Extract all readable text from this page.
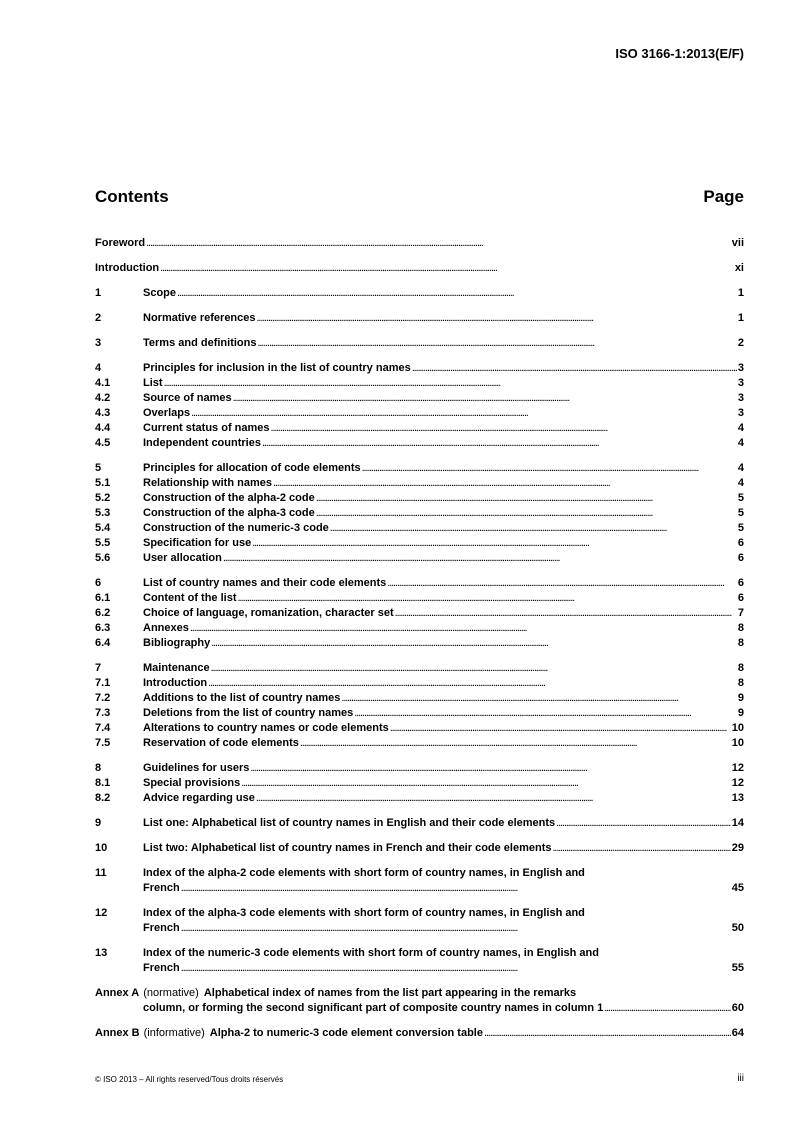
ISO 3166-1:2013(E/F)
Contents	Page
Foreword . . .	vii
Introduction . . .	xi
1	Scope . . .	1
2	Normative references . . .	1
3	Terms and definitions . . .	2
4	Principles for inclusion in the list of country names . . .	3
4.1	List . . .	3
4.2	Source of names . . .	3
4.3	Overlaps . . .	3
4.4	Current status of names . . .	4
4.5	Independent countries . . .	4
5	Principles for allocation of code elements . . .	4
5.1	Relationship with names . . .	4
5.2	Construction of the alpha-2 code . . .	5
5.3	Construction of the alpha-3 code . . .	5
5.4	Construction of the numeric-3 code . . .	5
5.5	Specification for use . . .	6
5.6	User allocation . . .	6
6	List of country names and their code elements . . .	6
6.1	Content of the list . . .	6
6.2	Choice of language, romanization, character set . . .	7
6.3	Annexes . . .	8
6.4	Bibliography . . .	8
7	Maintenance . . .	8
7.1	Introduction . . .	8
7.2	Additions to the list of country names . . .	9
7.3	Deletions from the list of country names . . .	9
7.4	Alterations to country names or code elements . . .	10
7.5	Reservation of code elements . . .	10
8	Guidelines for users . . .	12
8.1	Special provisions . . .	12
8.2	Advice regarding use . . .	13
9	List one: Alphabetical list of country names in English and their code elements . . .	14
10	List two: Alphabetical list of country names in French and their code elements . . .	29
11	Index of the alpha-2 code elements with short form of country names, in English and
French . . .	45
12	Index of the alpha-3 code elements with short form of country names, in English and
French . . .	50
13	Index of the numeric-3 code elements with short form of country names, in English and
French . . .	55
Annex A (normative) Alphabetical index of names from the list part appearing in the remarks
column, or forming the second significant part of composite country names in column 1 . . .	60
Annex B (informative) Alpha-2 to numeric-3 code element conversion table . . .	64
© ISO 2013 – All rights reserved/Tous droits réservés	iii
